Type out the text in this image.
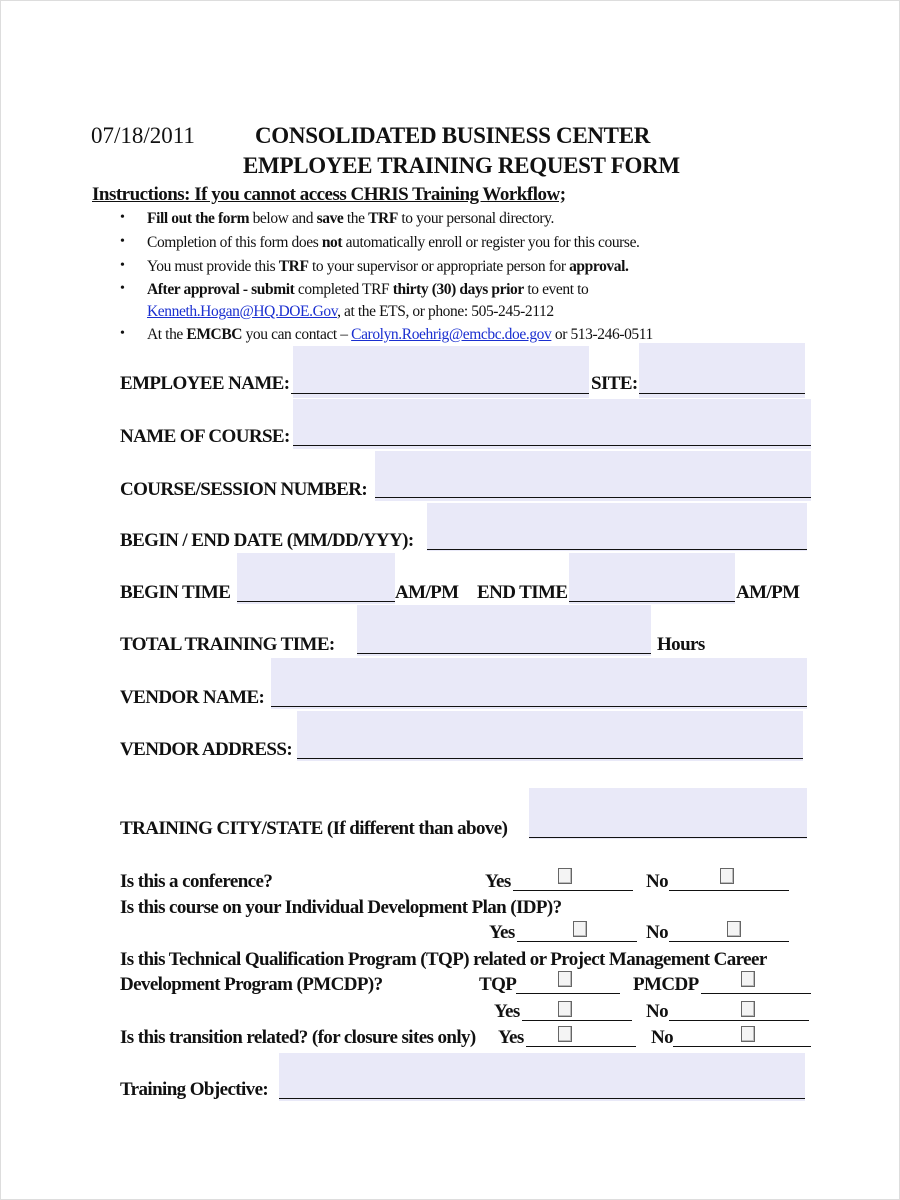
07/18/2011	CONSOLIDATED BUSINESS CENTER
EMPLOYEE TRAINING REQUEST FORM
Instructions: If you cannot access CHRIS Training Workflow;
• Fill out the form below and save the TRF to your personal directory.
• Completion of this form does not automatically enroll or register you for this course.
• You must provide this TRF to your supervisor or appropriate person for approval.
• After approval - submit completed TRF thirty (30) days prior to event to
Kenneth.Hogan@HQ.DOE.Gov, at the ETS, or phone: 505-245-2112
• At the EMCBC you can contact – Carolyn.Roehrig@emcbc.doe.gov or 513-246-0511
EMPLOYEE NAME:	SITE:
NAME OF COURSE:
COURSE/SESSION NUMBER:
BEGIN / END DATE (MM/DD/YYY):
BEGIN TIME	AM/PM END TIME	AM/PM
TOTAL TRAINING TIME:	Hours
VENDOR NAME:
VENDOR ADDRESS:
TRAINING CITY/STATE (If different than above)
Is this a conference?	Yes	No
Is this course on your Individual Development Plan (IDP)?
Yes	No
Is this Technical Qualification Program (TQP) related or Project Management Career
Development Program (PMCDP)?	TQP	PMCDP
Yes	No
Is this transition related? (for closure sites only) Yes	No
Training Objective:
